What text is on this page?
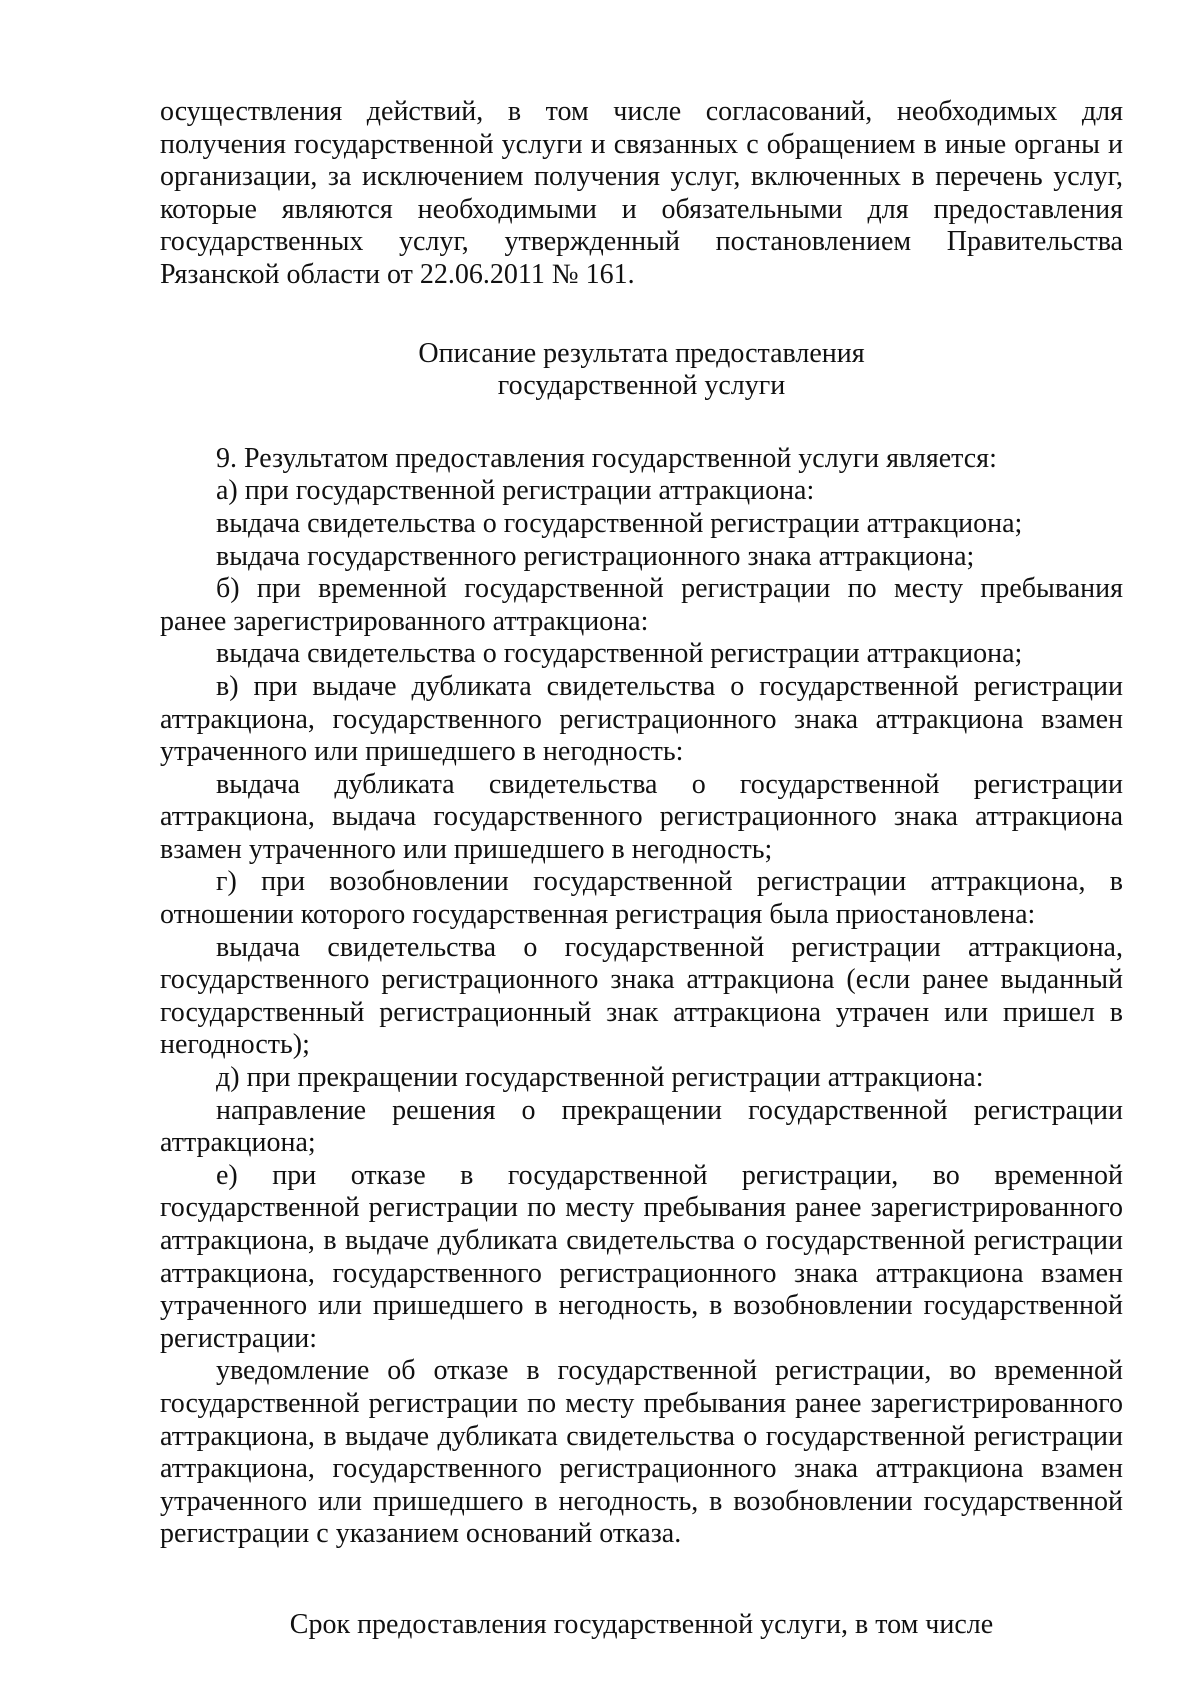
осуществления действий, в том числе согласований, необходимых для получения государственной услуги и связанных с обращением в иные органы и организации, за исключением получения услуг, включенных в перечень услуг, которые являются необходимыми и обязательными для предоставления государственных услуг, утвержденный постановлением Правительства Рязанской области от 22.06.2011 № 161.

Описание результата предоставления

государственной услуги

9. Результатом предоставления государственной услуги является:

а) при государственной регистрации аттракциона:

выдача свидетельства о государственной регистрации аттракциона;

выдача государственного регистрационного знака аттракциона;

б) при временной государственной регистрации по месту пребывания ранее зарегистрированного аттракциона:

выдача свидетельства о государственной регистрации аттракциона;

в) при выдаче дубликата свидетельства о государственной регистрации аттракциона, государственного регистрационного знака аттракциона взамен утраченного или пришедшего в негодность:

выдача дубликата свидетельства о государственной регистрации аттракциона, выдача государственного регистрационного знака аттракциона взамен утраченного или пришедшего в негодность;

г) при возобновлении государственной регистрации аттракциона, в отношении которого государственная регистрация была приостановлена:

выдача свидетельства о государственной регистрации аттракциона, государственного регистрационного знака аттракциона (если ранее выданный государственный регистрационный знак аттракциона утрачен или пришел в негодность);

д) при прекращении государственной регистрации аттракциона:

направление решения о прекращении государственной регистрации аттракциона;

е) при отказе в государственной регистрации, во временной государственной регистрации по месту пребывания ранее зарегистрированного аттракциона, в выдаче дубликата свидетельства о государственной регистрации аттракциона, государственного регистрационного знака аттракциона взамен утраченного или пришедшего в негодность, в возобновлении государственной регистрации:

уведомление об отказе в государственной регистрации, во временной государственной регистрации по месту пребывания ранее зарегистрированного аттракциона, в выдаче дубликата свидетельства о государственной регистрации аттракциона, государственного регистрационного знака аттракциона взамен утраченного или пришедшего в негодность, в возобновлении государственной регистрации с указанием оснований отказа.

Срок предоставления государственной услуги, в том числе
